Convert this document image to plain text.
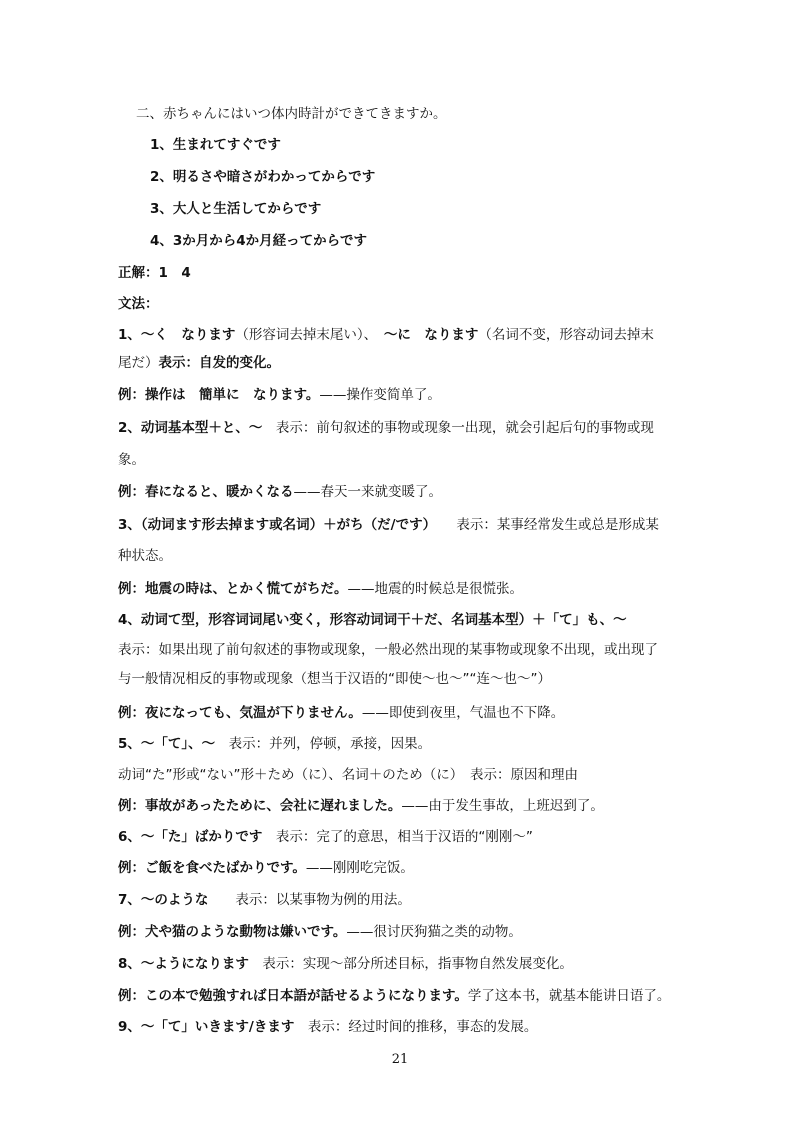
二、赤ちゃんにはいつ体内時計ができてきますか。
1、生まれてすぐです
2、明るさや暗さがわかってからです
3、大人と生活してからです
4、3か月から4か月経ってからです
正解：1　4
文法：
1、～く　なります（形容词去掉末尾い）、　 ～に　なります（名词不变，形容动词去掉末
尾だ）表示：自发的变化。
例：操作は　簡単に　なります。——操作变简单了。
2、动词基本型＋と、～　 表示：前句叙述的事物或现象一出现，就会引起后句的事物或现
象。
例：春になると、暖かくなる——春天一来就变暖了。
3、（动词ます形去掉ます或名词）＋がち（だ/です）　　 表示：某事经常发生或总是形成某
种状态。
例：地震の時は、とかく慌てがちだ。——地震的时候总是很慌张。
4、动词て型，形容词词尾い变く，形容动词词干＋だ、名词基本型）＋「て」も、～
表示：如果出现了前句叙述的事物或现象，一般必然出现的某事物或现象不出现，或出现了
与一般情况相反的事物或现象（想当于汉语的“即使～也～”“连～也～”）
例：夜になっても、気温が下りません。——即使到夜里，气温也不下降。
5、～「て」、～　 表示：并列，停顿，承接，因果。
动词“た”形或“ない”形＋ため（に）、名词＋のため（に）　表示：原因和理由
例：事故があったために、会社に遅れました。——由于发生事故，上班迟到了。
6、～「た」ばかりです　 表示：完了的意思，相当于汉语的“刚刚～”
例：ご飯を食べたばかりです。——刚刚吃完饭。
7、～のような　　 表示：以某事物为例的用法。
例：犬や猫のような動物は嫌いです。——很讨厌狗猫之类的动物。
8、～ようになります　 表示：实现～部分所述目标，指事物自然发展变化。
例：この本で勉強すれば日本語が話せるようになります。学了这本书，就基本能讲日语了。
9、～「て」いきます/きます　 表示：经过时间的推移，事态的发展。
21
